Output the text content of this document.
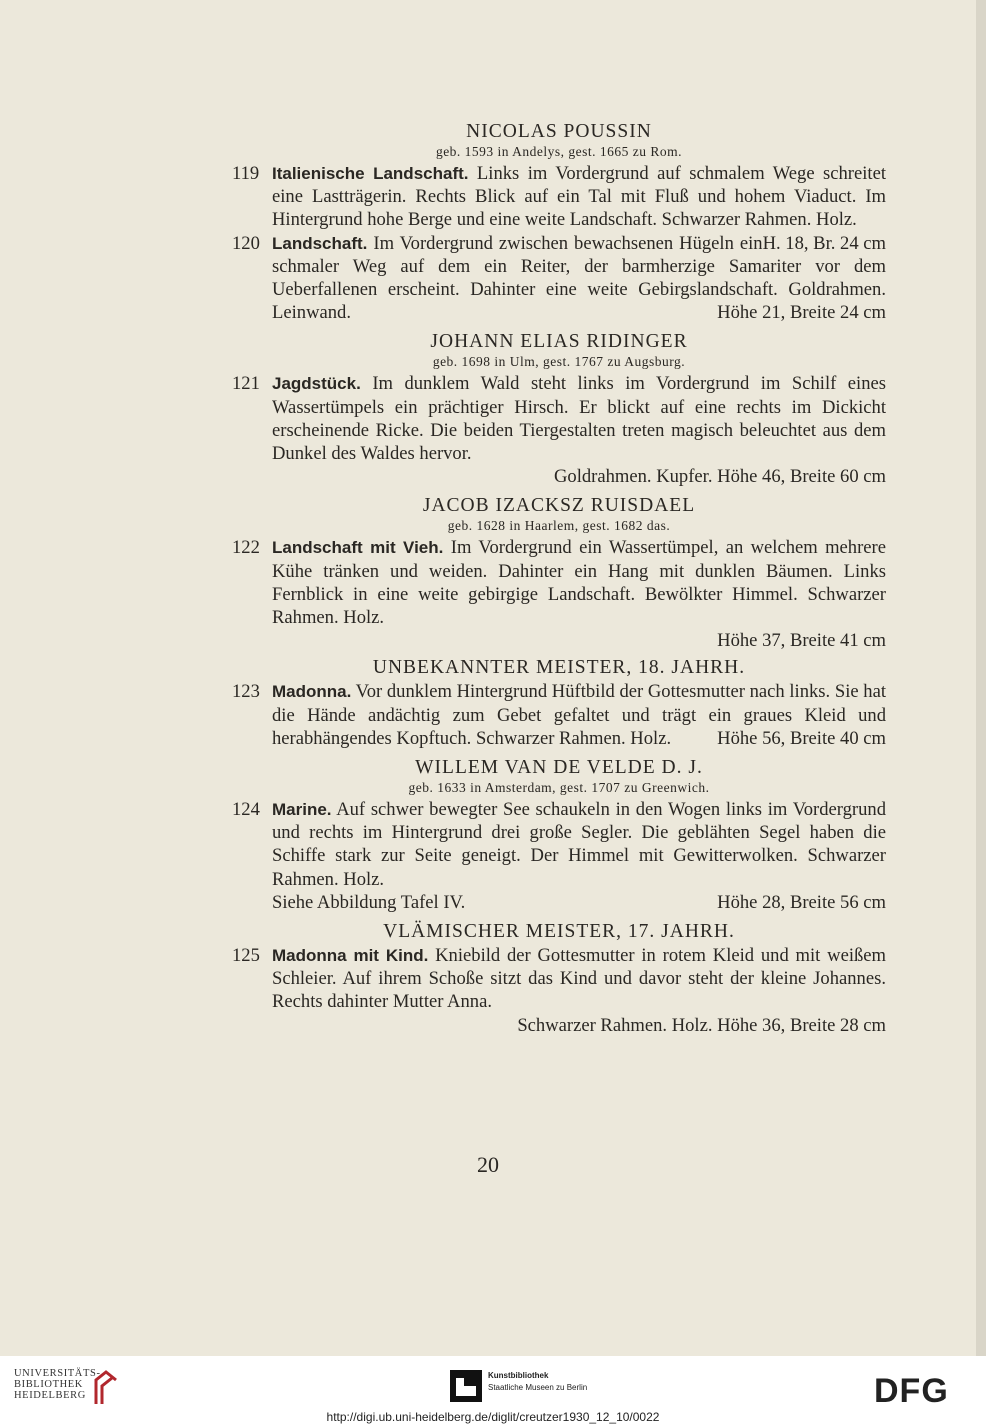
NICOLAS POUSSIN

geb. 1593 in Andelys, gest. 1665 zu Rom.

119 Italienische Landschaft. Links im Vordergrund auf schmalem Wege schreitet eine Lastträgerin. Rechts Blick auf ein Tal mit Fluß und hohem Viaduct. Im Hintergrund hohe Berge und eine weite Landschaft. Schwarzer Rahmen. Holz.
H. 18, Br. 24 cm
120 Landschaft. Im Vordergrund zwischen bewachsenen Hügeln ein schmaler Weg auf dem ein Reiter, der barmherzige Samariter vor dem Ueberfallenen erscheint. Dahinter eine weite Gebirgslandschaft. Goldrahmen. Leinwand.	Höhe 21, Breite 24 cm

JOHANN ELIAS RIDINGER

geb. 1698 in Ulm, gest. 1767 zu Augsburg.

121 Jagdstück. Im dunklem Wald steht links im Vordergrund im Schilf eines Wassertümpels ein prächtiger Hirsch. Er blickt auf eine rechts im Dickicht erscheinende Ricke. Die beiden Tiergestalten treten magisch beleuchtet aus dem Dunkel des Waldes hervor.
Goldrahmen. Kupfer. Höhe 46, Breite 60 cm

JACOB IZACKSZ RUISDAEL

geb. 1628 in Haarlem, gest. 1682 das.

122 Landschaft mit Vieh. Im Vordergrund ein Wassertümpel, an welchem mehrere Kühe tränken und weiden. Dahinter ein Hang mit dunklen Bäumen. Links Fernblick in eine weite gebirgige Landschaft. Bewölkter Himmel. Schwarzer Rahmen. Holz.
Höhe 37, Breite 41 cm

UNBEKANNTER MEISTER, 18. JAHRH.

123 Madonna. Vor dunklem Hintergrund Hüftbild der Gottesmutter nach links. Sie hat die Hände andächtig zum Gebet gefaltet und trägt ein graues Kleid und herabhängendes Kopftuch. Schwarzer Rahmen. Holz. Höhe 56, Breite 40 cm

WILLEM VAN DE VELDE D. J.

geb. 1633 in Amsterdam, gest. 1707 zu Greenwich.

124 Marine. Auf schwer bewegter See schaukeln in den Wogen links im Vordergrund und rechts im Hintergrund drei große Segler. Die geblähten Segel haben die Schiffe stark zur Seite geneigt. Der Himmel mit Gewitterwolken. Schwarzer Rahmen. Holz.
Siehe Abbildung Tafel IV.	Höhe 28, Breite 56 cm

VLÄMISCHER MEISTER, 17. JAHRH.

125 Madonna mit Kind. Kniebild der Gottesmutter in rotem Kleid und mit weißem Schleier. Auf ihrem Schoße sitzt das Kind und davor steht der kleine Johannes. Rechts dahinter Mutter Anna.
Schwarzer Rahmen. Holz. Höhe 36, Breite 28 cm
20
UNIVERSITÄTS-
BIBLIOTHEK
HEIDELBERG
Kunstbibliothek
Staatliche Museen zu Berlin	DFG
http://digi.ub.uni-heidelberg.de/diglit/creutzer1930_12_10/0022
